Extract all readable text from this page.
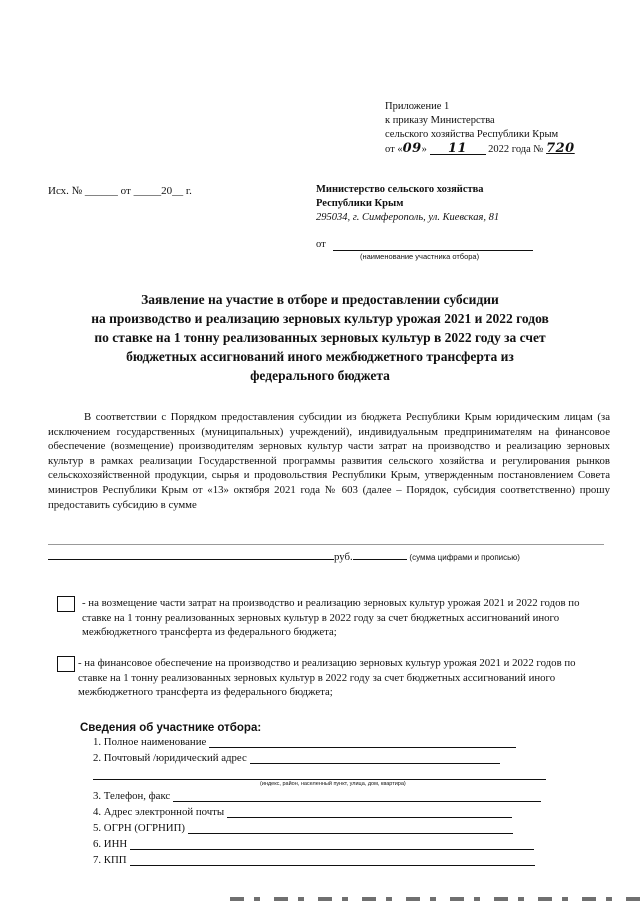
Приложение 1
к приказу Министерства
сельского хозяйства Республики Крым
от «09» 11 2022 года № 720
Исх. № ______ от _____20__ г.	Министерство сельского хозяйства
Республики Крым
295034, г. Симферополь, ул. Киевская, 81
от
(наименование участника отбора)
Заявление на участие в отборе и предоставлении субсидии
на производство и реализацию зерновых культур урожая 2021 и 2022 годов
по ставке на 1 тонну реализованных зерновых культур в 2022 году за счет
бюджетных ассигнований иного межбюджетного трансферта из
федерального бюджета

В соответствии с Порядком предоставления субсидии из бюджета Республики Крым юридическим лицам (за исключением государственных (муниципальных) учреждений), индивидуальным предпринимателям на финансовое обеспечение (возмещение) производителям зерновых культур части затрат на производство и реализацию зерновых культур в рамках реализации Государственной программы развития сельского хозяйства и регулирования рынков сельскохозяйственной продукции, сырья и продовольствия Республики Крым, утвержденным постановлением Совета министров Республики Крым от «13» октября 2021 года № 603 (далее – Порядок, субсидия соответственно) прошу предоставить субсидию в сумме

руб.	(сумма цифрами и прописью)
- на возмещение части затрат на производство и реализацию зерновых культур урожая 2021 и 2022 годов по ставке на 1 тонну реализованных зерновых культур в 2022 году за счет бюджетных ассигнований иного межбюджетного трансферта из федерального бюджета;
- на финансовое обеспечение на производство и реализацию зерновых культур урожая 2021 и 2022 годов по ставке на 1 тонну реализованных зерновых культур в 2022 году за счет бюджетных ассигнований иного межбюджетного трансферта из федерального бюджета;
Сведения об участнике отбора:
1. Полное наименование
2. Почтовый /юридический адрес
(индекс, район, населенный пункт, улица, дом, квартира)
3. Телефон, факс
4. Адрес электронной почты
5. ОГРН (ОГРНИП)
6. ИНН
7. КПП
